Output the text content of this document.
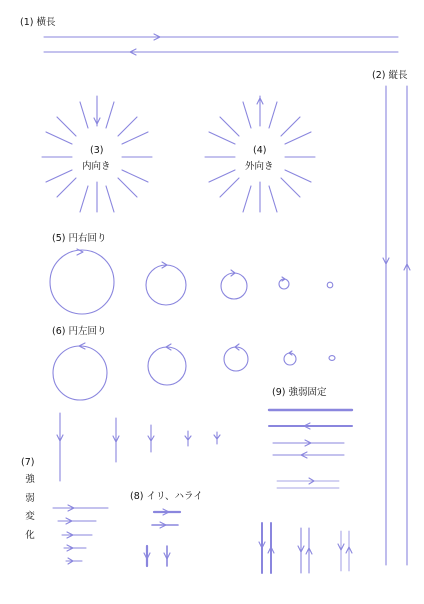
(1) 横長
(2) 縦長
(3)
内向き
(4)
外向き
(5) 円右回り
(6) 円左回り
(7)
強
弱
変
化
(8) イリ、ハライ
(9) 強弱固定
